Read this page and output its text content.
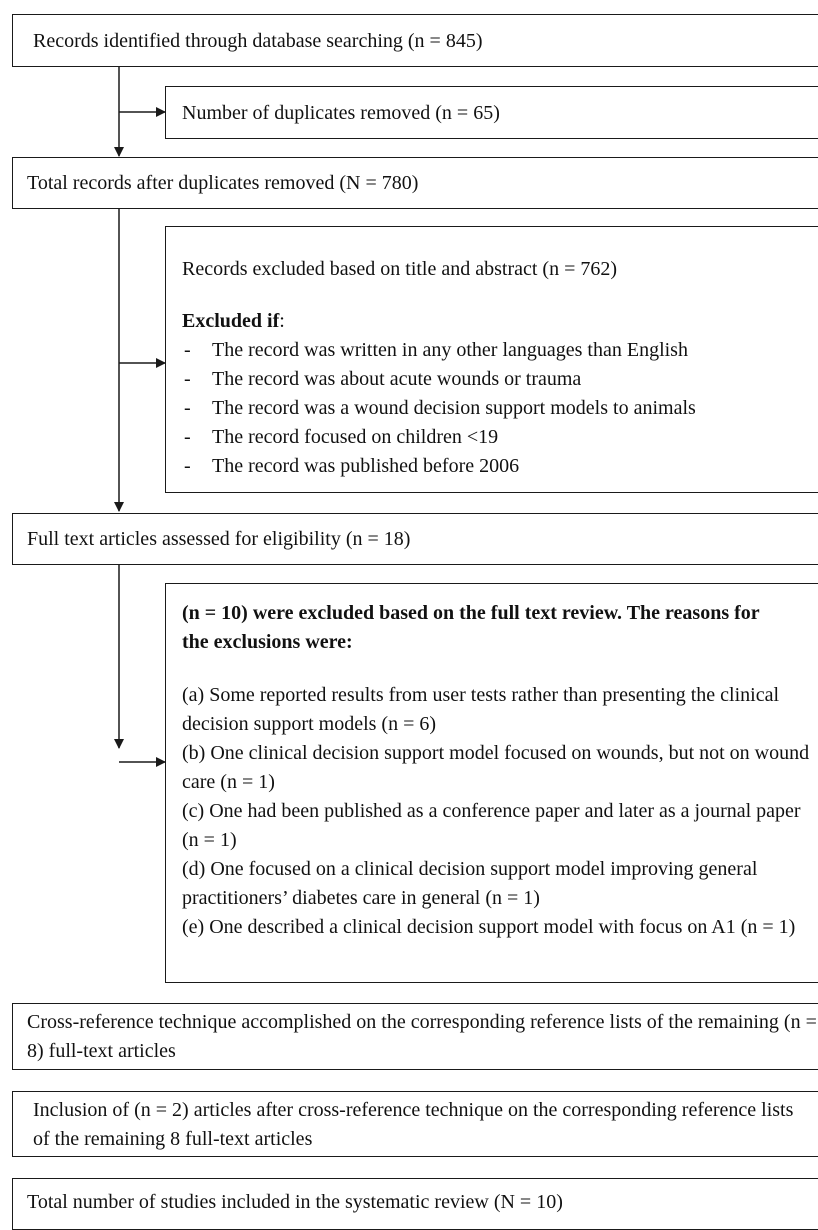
Records identified through database searching (n = 845)
Number of duplicates removed (n = 65)
Total records after duplicates removed (N = 780)
Records excluded based on title and abstract (n = 762)
Excluded if:
- The record was written in any other languages than English
- The record was about acute wounds or trauma
- The record was a wound decision support models to animals
- The record focused on children <19
- The record was published before 2006
Full text articles assessed for eligibility (n = 18)
(n = 10) were excluded based on the full text review. The reasons for the exclusions were:

(a) Some reported results from user tests rather than presenting the clinical decision support models (n = 6)

(b) One clinical decision support model focused on wounds, but not on wound care (n = 1)

(c) One had been published as a conference paper and later as a journal paper (n = 1)

(d) One focused on a clinical decision support model improving general practitioners’ diabetes care in general (n = 1)

(e) One described a clinical decision support model with focus on A1 (n = 1)

Cross-reference technique accomplished on the corresponding reference lists of the remaining (n = 8) full-text articles
Inclusion of (n = 2) articles after cross-reference technique on the corresponding reference lists of the remaining 8 full-text articles
Total number of studies included in the systematic review (N = 10)
